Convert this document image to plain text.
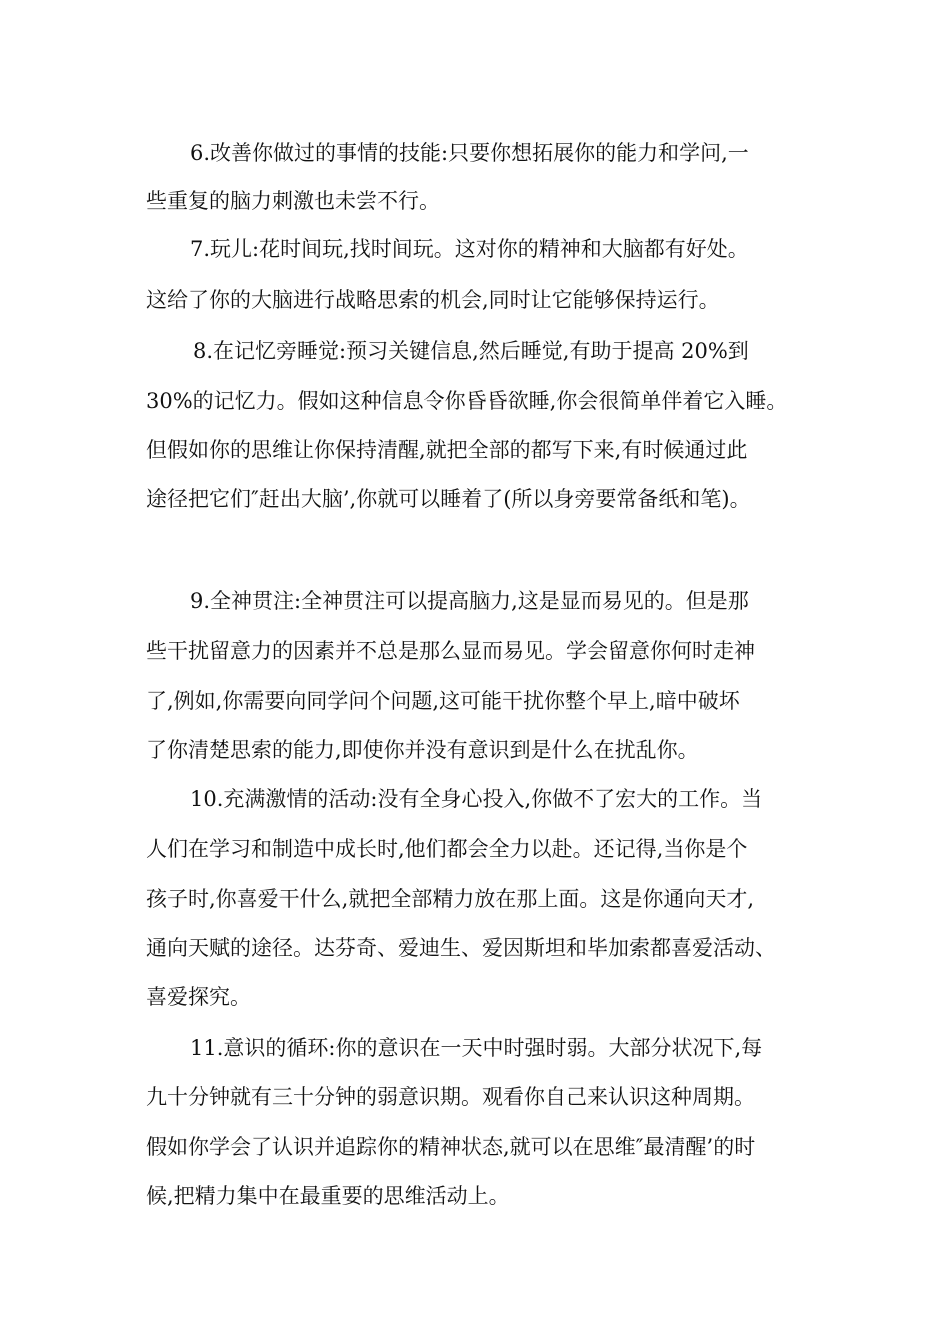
6.改善你做过的事情的技能:只要你想拓展你的能力和学问,一
些重复的脑力刺激也未尝不行。
7.玩儿:花时间玩,找时间玩。这对你的精神和大脑都有好处。
这给了你的大脑进行战略思索的机会,同时让它能够保持运行。
8.在记忆旁睡觉:预习关键信息,然后睡觉,有助于提高 20%到
30%的记忆力。假如这种信息令你昏昏欲睡,你会很简单伴着它入睡。
但假如你的思维让你保持清醒,就把全部的都写下来,有时候通过此
途径把它们″赶出大脑’,你就可以睡着了(所以身旁要常备纸和笔)。
9.全神贯注:全神贯注可以提高脑力,这是显而易见的。但是那
些干扰留意力的因素并不总是那么显而易见。学会留意你何时走神
了,例如,你需要向同学问个问题,这可能干扰你整个早上,暗中破坏
了你清楚思索的能力,即使你并没有意识到是什么在扰乱你。
10.充满激情的活动:没有全身心投入,你做不了宏大的工作。当
人们在学习和制造中成长时,他们都会全力以赴。还记得,当你是个
孩子时,你喜爱干什么,就把全部精力放在那上面。这是你通向天才,
通向天赋的途径。达芬奇、爱迪生、爱因斯坦和毕加索都喜爱活动、
喜爱探究。
11.意识的循环:你的意识在一天中时强时弱。大部分状况下,每
九十分钟就有三十分钟的弱意识期。观看你自己来认识这种周期。
假如你学会了认识并追踪你的精神状态,就可以在思维″最清醒’的时
候,把精力集中在最重要的思维活动上。
